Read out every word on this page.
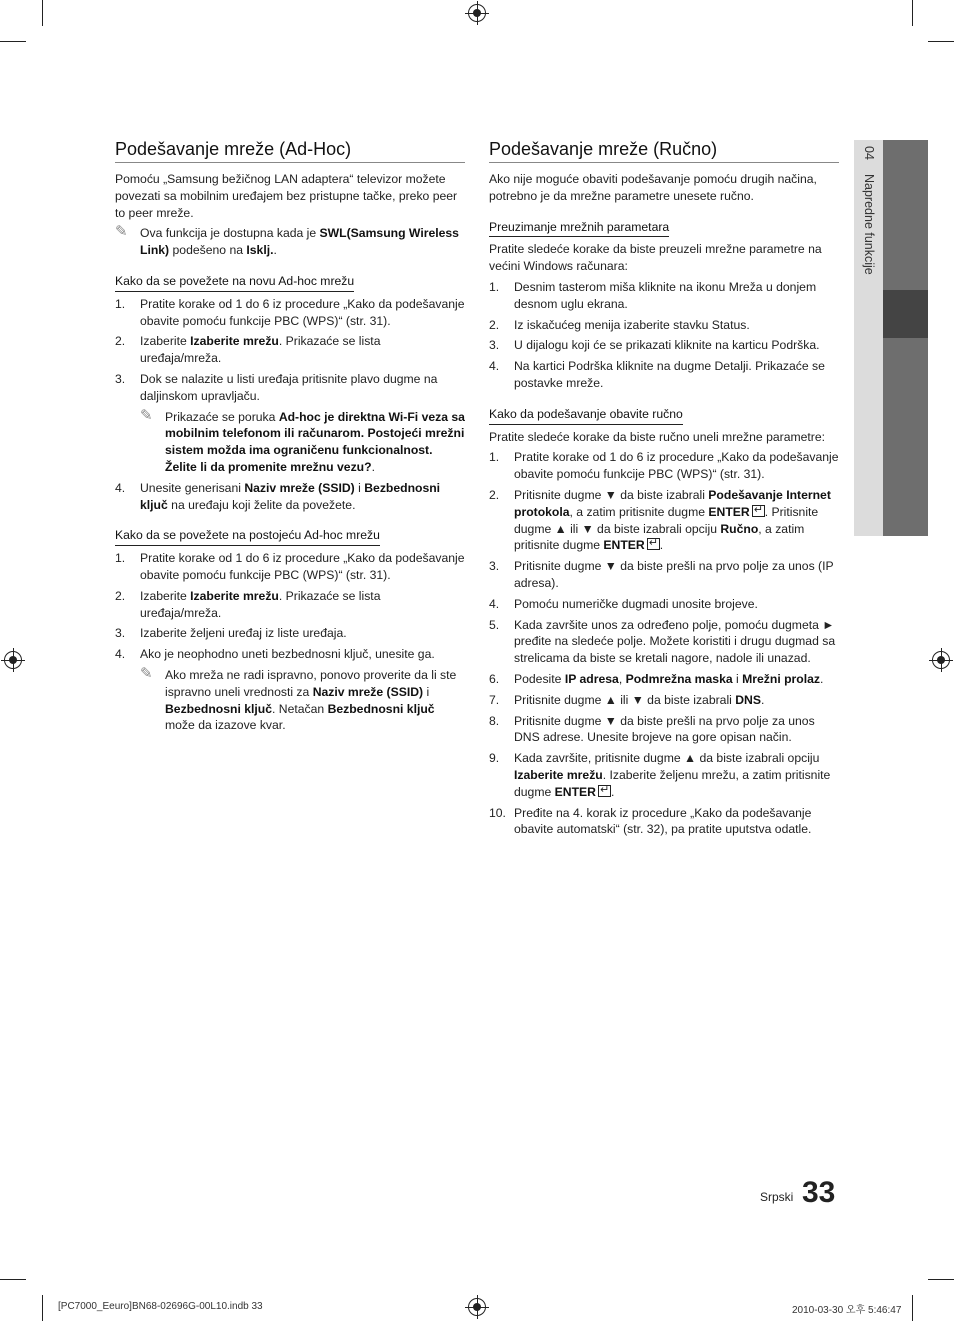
Podešavanje mreže (Ad-Hoc)

Pomoću „Samsung bežičnog LAN adaptera“ televizor možete povezati sa mobilnim uređajem bez pristupne tačke, preko peer to peer mreže.

✎ Ova funkcija je dostupna kada je SWL(Samsung Wireless Link) podešeno na Isklj..

Kako da se povežete na novu Ad-hoc mrežu

1. Pratite korake od 1 do 6 iz procedure „Kako da podešavanje obavite pomoću funkcije PBC (WPS)“ (str. 31).
2. Izaberite Izaberite mrežu. Prikazaće se lista uređaja/mreža.
3. Dok se nalazite u listi uređaja pritisnite plavo dugme na daljinskom upravljaču.
✎ Prikazaće se poruka Ad-hoc je direktna Wi-Fi veza sa mobilnim telefonom ili računarom. Postojeći mrežni sistem možda ima ograničenu funkcionalnost. Želite li da promenite mrežnu vezu?.
4. Unesite generisani Naziv mreže (SSID) i Bezbednosni ključ na uređaju koji želite da povežete.

Kako da se povežete na postojeću Ad-hoc mrežu

1. Pratite korake od 1 do 6 iz procedure „Kako da podešavanje obavite pomoću funkcije PBC (WPS)“ (str. 31).
2. Izaberite Izaberite mrežu. Prikazaće se lista uređaja/mreža.
3. Izaberite željeni uređaj iz liste uređaja.
4. Ako je neophodno uneti bezbednosni ključ, unesite ga.
✎ Ako mreža ne radi ispravno, ponovo proverite da li ste ispravno uneli vrednosti za Naziv mreže (SSID) i Bezbednosni ključ. Netačan Bezbednosni ključ može da izazove kvar.
Podešavanje mreže (Ručno)

Ako nije moguće obaviti podešavanje pomoću drugih načina, potrebno je da mrežne parametre unesete ručno.

Preuzimanje mrežnih parametara

Pratite sledeće korake da biste preuzeli mrežne parametre na većini Windows računara:

1. Desnim tasterom miša kliknite na ikonu Mreža u donjem desnom uglu ekrana.
2. Iz iskačućeg menija izaberite stavku Status.
3. U dijalogu koji će se prikazati kliknite na karticu Podrška.
4. Na kartici Podrška kliknite na dugme Detalji. Prikazaće se postavke mreže.

Kako da podešavanje obavite ručno

Pratite sledeće korake da biste ručno uneli mrežne parametre:

1. Pratite korake od 1 do 6 iz procedure „Kako da podešavanje obavite pomoću funkcije PBC (WPS)“ (str. 31).
2. Pritisnite dugme ▼ da biste izabrali Podešavanje Internet protokola, a zatim pritisnite dugme ENTER ↵ . Pritisnite dugme ▲ ili ▼ da biste izabrali opciju Ručno, a zatim pritisnite dugme ENTER ↵ .
3. Pritisnite dugme ▼ da biste prešli na prvo polje za unos (IP adresa).
4. Pomoću numeričke dugmadi unosite brojeve.
5. Kada završite unos za određeno polje, pomoću dugmeta ► pređite na sledeće polje. Možete koristiti i drugu dugmad sa strelicama da biste se kretali nagore, nadole ili unazad.
6. Podesite IP adresa, Podmrežna maska i Mrežni prolaz.
7. Pritisnite dugme ▲ ili ▼ da biste izabrali DNS.
8. Pritisnite dugme ▼ da biste prešli na prvo polje za unos DNS adrese. Unesite brojeve na gore opisan način.
9. Kada završite, pritisnite dugme ▲ da biste izabrali opciju Izaberite mrežu. Izaberite željenu mrežu, a zatim pritisnite dugme ENTER ↵ .
10. Pređite na 4. korak iz procedure „Kako da podešavanje obavite automatski“ (str. 32), pa pratite uputstva odatle.
04Napredne funkcije
Srpski 33
[PC7000_Eeuro]BN68-02696G-00L10.indb 33	2010-03-30 오후 5:46:47
